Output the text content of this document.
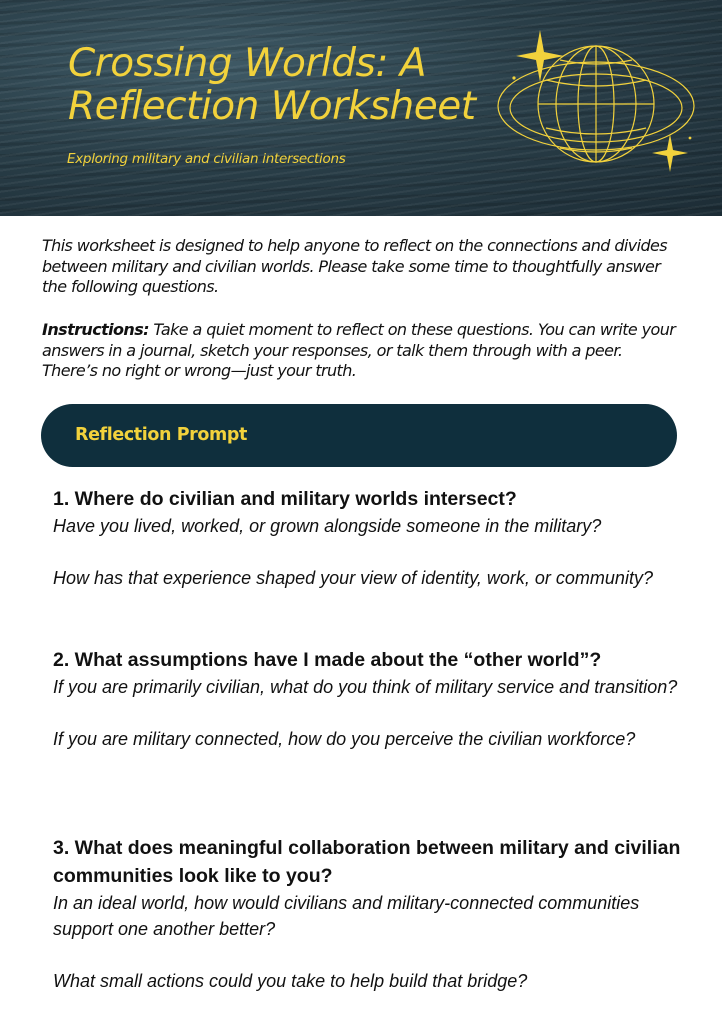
Crossing Worlds: A
Reflection Worksheet
Exploring military and civilian intersections

This worksheet is designed to help anyone to reflect on the connections and divides between military and civilian worlds. Please take some time to thoughtfully answer the following questions.

Instructions: Take a quiet moment to reflect on these questions. You can write your answers in a journal, sketch your responses, or talk them through with a peer. There’s no right or wrong—just your truth.

Reflection Prompt
1. Where do civilian and military worlds intersect?

Have you lived, worked, or grown alongside someone in the military?

How has that experience shaped your view of identity, work, or community?

2. What assumptions have I made about the “other world”?

If you are primarily civilian, what do you think of military service and transition?

If you are military connected, how do you perceive the civilian workforce?

3. What does meaningful collaboration between military and civilian communities look like to you?

In an ideal world, how would civilians and military-connected communities support one another better?

What small actions could you take to help build that bridge?
